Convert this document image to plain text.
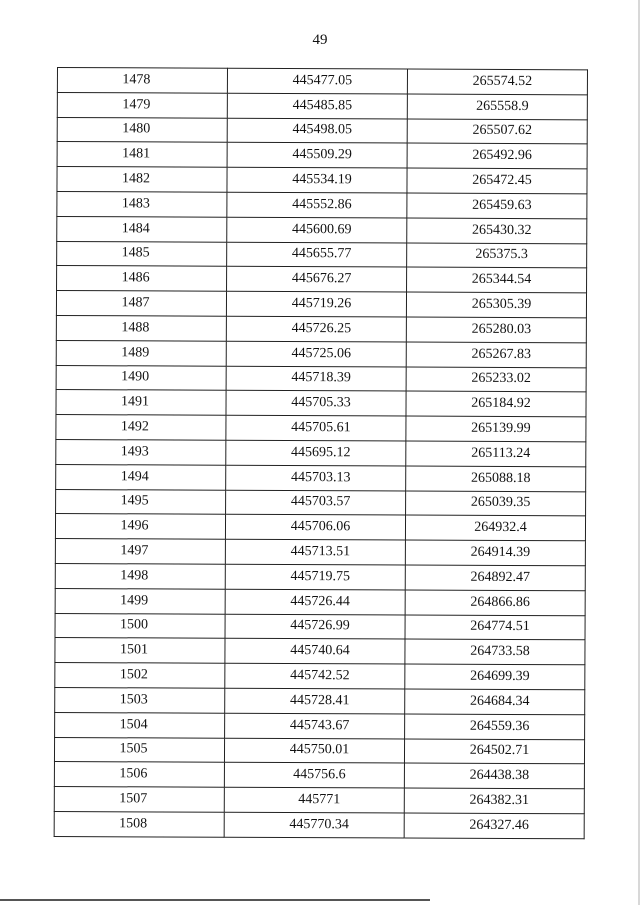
49
1478	445477.05	265574.52
1479	445485.85	265558.9
1480	445498.05	265507.62
1481	445509.29	265492.96
1482	445534.19	265472.45
1483	445552.86	265459.63
1484	445600.69	265430.32
1485	445655.77	265375.3
1486	445676.27	265344.54
1487	445719.26	265305.39
1488	445726.25	265280.03
1489	445725.06	265267.83
1490	445718.39	265233.02
1491	445705.33	265184.92
1492	445705.61	265139.99
1493	445695.12	265113.24
1494	445703.13	265088.18
1495	445703.57	265039.35
1496	445706.06	264932.4
1497	445713.51	264914.39
1498	445719.75	264892.47
1499	445726.44	264866.86
1500	445726.99	264774.51
1501	445740.64	264733.58
1502	445742.52	264699.39
1503	445728.41	264684.34
1504	445743.67	264559.36
1505	445750.01	264502.71
1506	445756.6	264438.38
1507	445771	264382.31
1508	445770.34	264327.46
